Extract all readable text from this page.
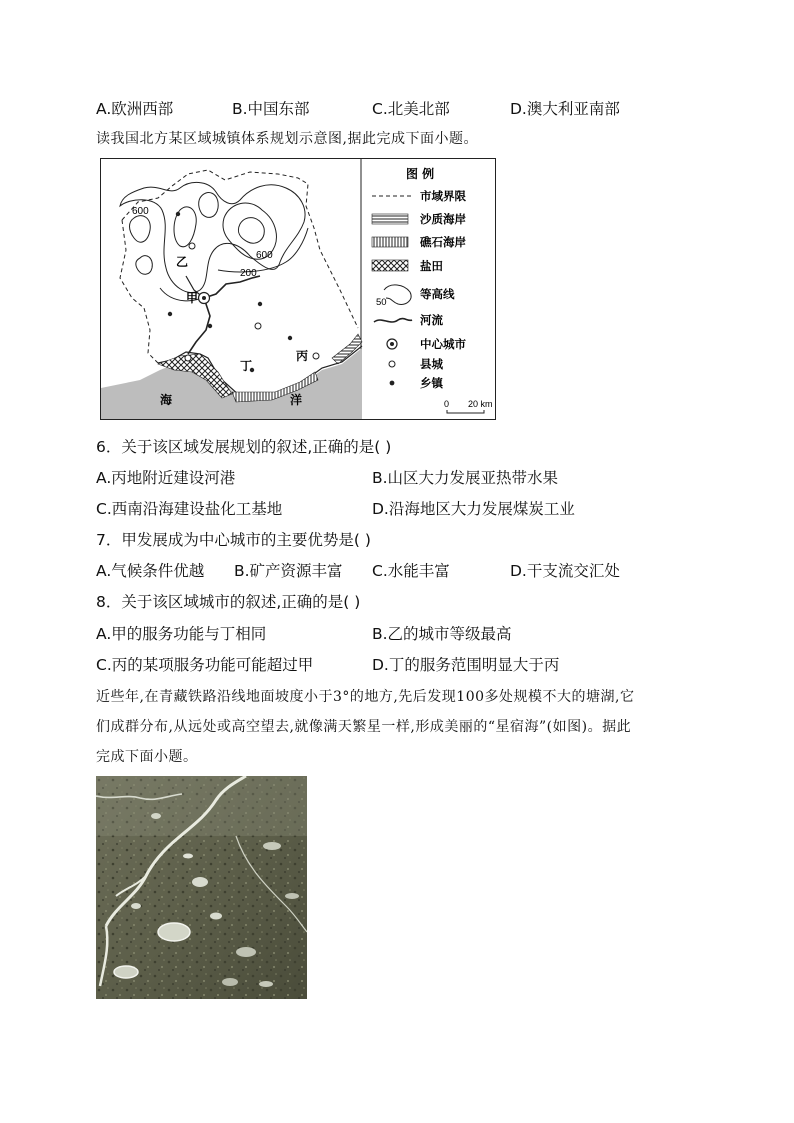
A.欧洲西部	B.中国东部	C.北美北部	D.澳大利亚南部
读我国北方某区域城镇体系规划示意图,据此完成下面小题。
600
600
200
甲
乙
丙
丁
海	洋
图 例
市域界限
沙质海岸
礁石海岸
盐田
50
等高线
河流
中心城市
县城
乡镇
0 20 km
6．关于该区域发展规划的叙述,正确的是( )
A.丙地附近建设河港	B.山区大力发展亚热带水果
C.西南沿海建设盐化工基地	D.沿海地区大力发展煤炭工业
7．甲发展成为中心城市的主要优势是( )
A.气候条件优越 B.矿产资源丰富 C.水能丰富	D.干支流交汇处
8．关于该区域城市的叙述,正确的是( )
A.甲的服务功能与丁相同	B.乙的城市等级最高
C.丙的某项服务功能可能超过甲	D.丁的服务范围明显大于丙
近些年,在青藏铁路沿线地面坡度小于3°的地方,先后发现100多处规模不大的塘湖,它
们成群分布,从远处或高空望去,就像满天繁星一样,形成美丽的“星宿海”(如图)。据此
完成下面小题。
